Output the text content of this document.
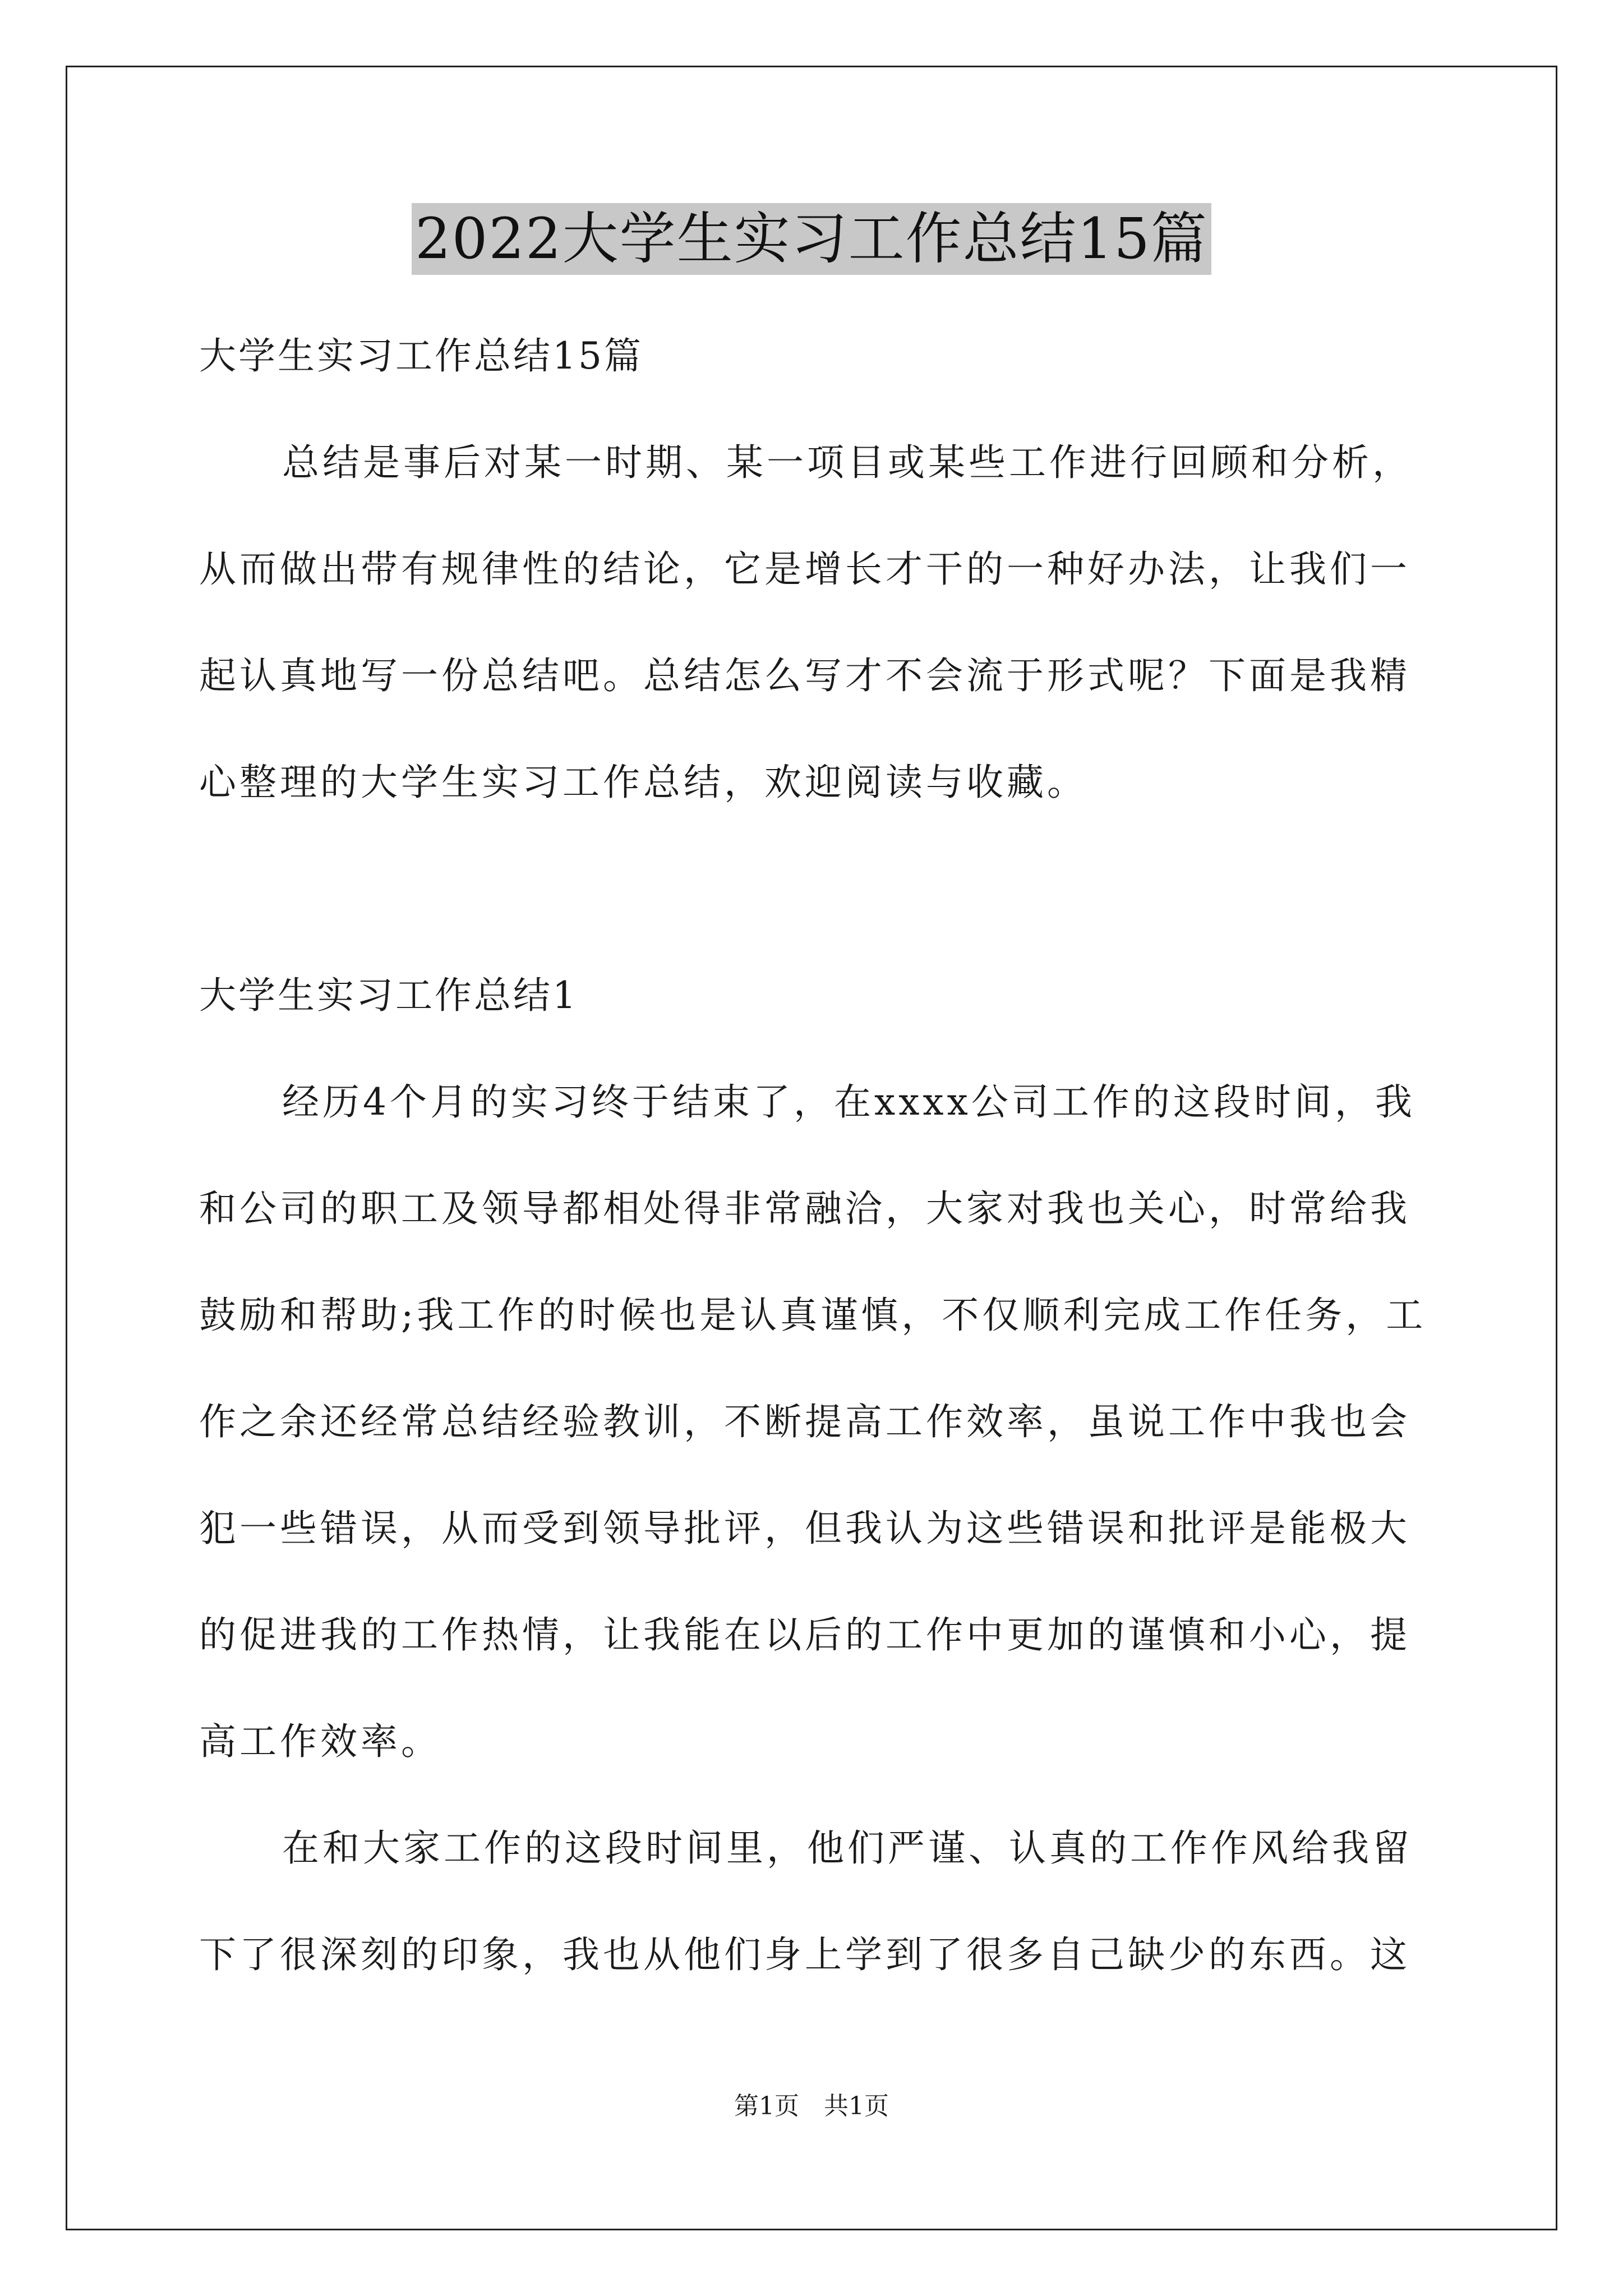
2022大学生实习工作总结15篇
大学生实习工作总结15篇
总结是事后对某一时期、某一项目或某些工作进行回顾和分析，
从而做出带有规律性的结论，它是增长才干的一种好办法，让我们一
起认真地写一份总结吧。总结怎么写才不会流于形式呢？下面是我精
心整理的大学生实习工作总结，欢迎阅读与收藏。
大学生实习工作总结1
经历4个月的实习终于结束了，在xxxx公司工作的这段时间，我
和公司的职工及领导都相处得非常融洽，大家对我也关心，时常给我
鼓励和帮助;我工作的时候也是认真谨慎，不仅顺利完成工作任务，工
作之余还经常总结经验教训，不断提高工作效率，虽说工作中我也会
犯一些错误，从而受到领导批评，但我认为这些错误和批评是能极大
的促进我的工作热情，让我能在以后的工作中更加的谨慎和小心，提
高工作效率。
在和大家工作的这段时间里，他们严谨、认真的工作作风给我留
下了很深刻的印象，我也从他们身上学到了很多自己缺少的东西。这
第1页　共1页
